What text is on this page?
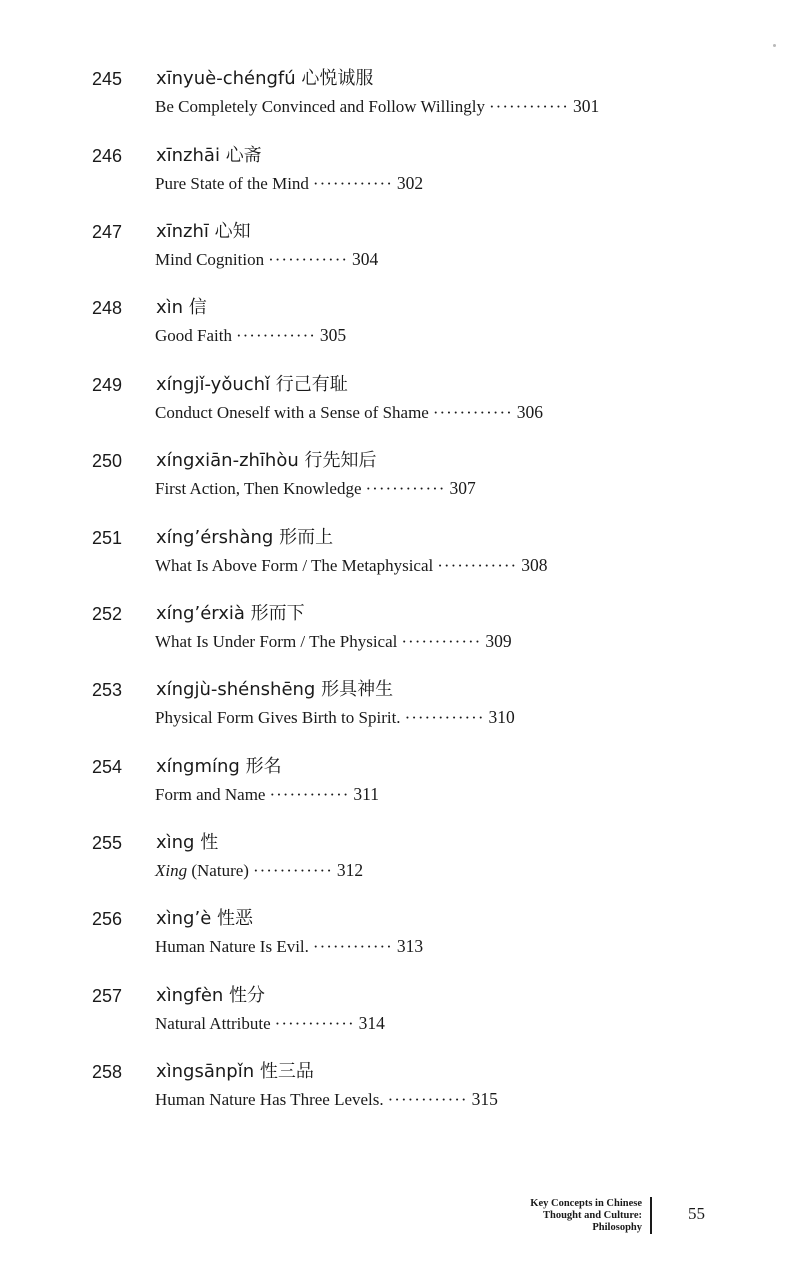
245 xīnyuè-chéngfú 心悦诚服
Be Completely Convinced and Follow Willingly ············ 301
246 xīnzhāi 心斋
Pure State of the Mind ············ 302
247 xīnzhī 心知
Mind Cognition ············ 304
248 xìn 信
Good Faith ············ 305
249 xíngjǐ-yǒuchǐ 行己有耻
Conduct Oneself with a Sense of Shame ············ 306
250 xíngxiān-zhīhòu 行先知后
First Action, Then Knowledge ············ 307
251 xíng’érshàng 形而上
What Is Above Form / The Metaphysical ············ 308
252 xíng’érxià 形而下
What Is Under Form / The Physical ············ 309
253 xíngjù-shénshēng 形具神生
Physical Form Gives Birth to Spirit. ············ 310
254 xíngmíng 形名
Form and Name ············ 311
255 xìng 性
Xing (Nature) ············ 312
256 xìng’è 性恶
Human Nature Is Evil. ············ 313
257 xìngfèn 性分
Natural Attribute ············ 314
258 xìngsānpǐn 性三品
Human Nature Has Three Levels. ············ 315
Key Concepts in Chinese
Thought and Culture:
Philosophy
55
